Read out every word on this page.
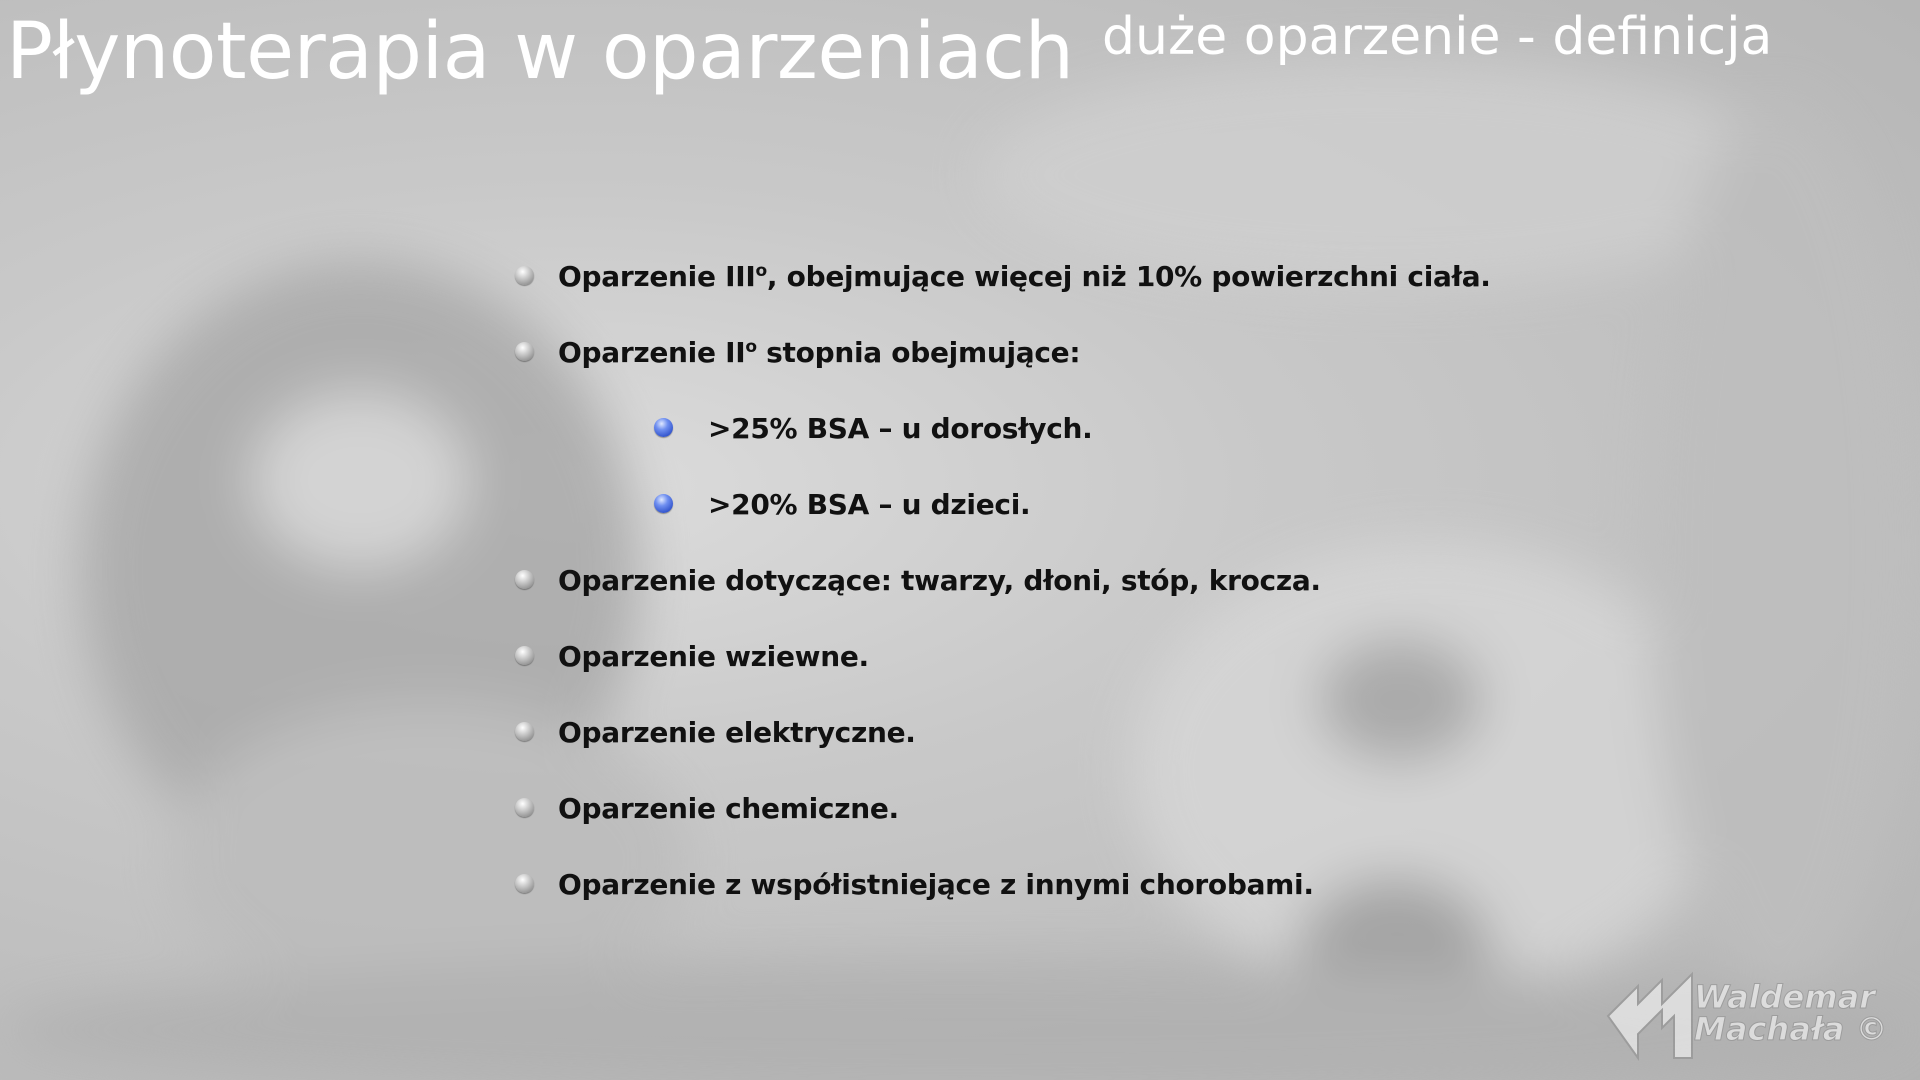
Płynoterapia w oparzeniach duże oparzenie - definicja
Oparzenie III$^o$, obejmujące więcej niż 10% powierzchni ciała.
Oparzenie $II^o$ stopnia obejmujące:
>25% BSA – u dorosłych.
>20% BSA – u dzieci.
Oparzenie dotyczące: twarzy, dłoni, stóp, krocza.
Oparzenie wziewne.
Oparzenie elektryczne.
Oparzenie chemiczne.
Oparzenie z współistniejące z innymi chorobami.
Waldemar
Machała ©
